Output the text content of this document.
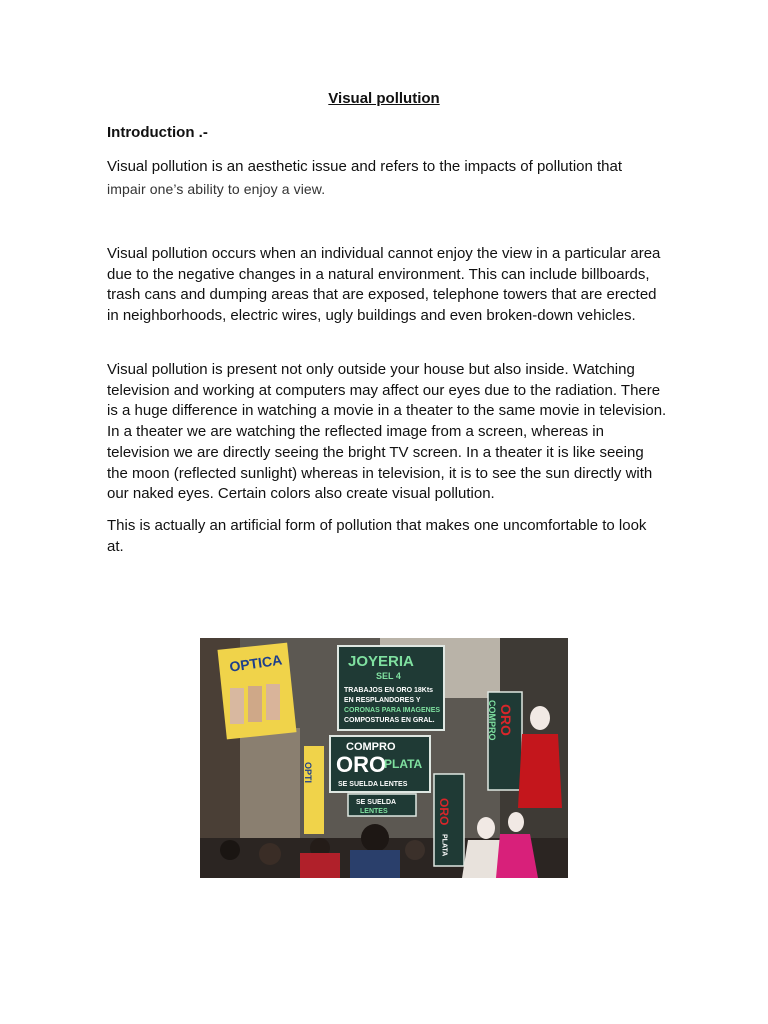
Visual pollution
Introduction .-

Visual pollution is an aesthetic issue and refers to the impacts of pollution that

impair one’s ability to enjoy a view.

Visual pollution occurs when an individual cannot enjoy the view in a particular area due to the negative changes in a natural environment. This can include billboards, trash cans and dumping areas that are exposed, telephone towers that are erected in neighborhoods, electric wires, ugly buildings and even broken-down vehicles.

Visual pollution is present not only outside your house but also inside. Watching television and working at computers may affect our eyes due to the radiation. There is a huge difference in watching a movie in a theater to the same movie in television. In a theater we are watching the reflected image from a screen, whereas in television we are directly seeing the bright TV screen. In a theater it is like seeing the moon (reflected sunlight) whereas in television, it is to see the sun directly with our naked eyes. Certain colors also create visual pollution.

This is actually an artificial form of pollution that makes one uncomfortable to look at.

OPTICA	JOYERIA
SEL 4
TRABAJOS EN ORO 18Kts
EN RESPLANDORES Y
CORONAS PARA IMAGENES
COMPOSTURAS EN GRAL.
COMPRO
ORO
PLATA
SE SUELDA LENTES
SE SUELDA
LENTES
OPTI
ORO
PLATA
COMPRO ORO
